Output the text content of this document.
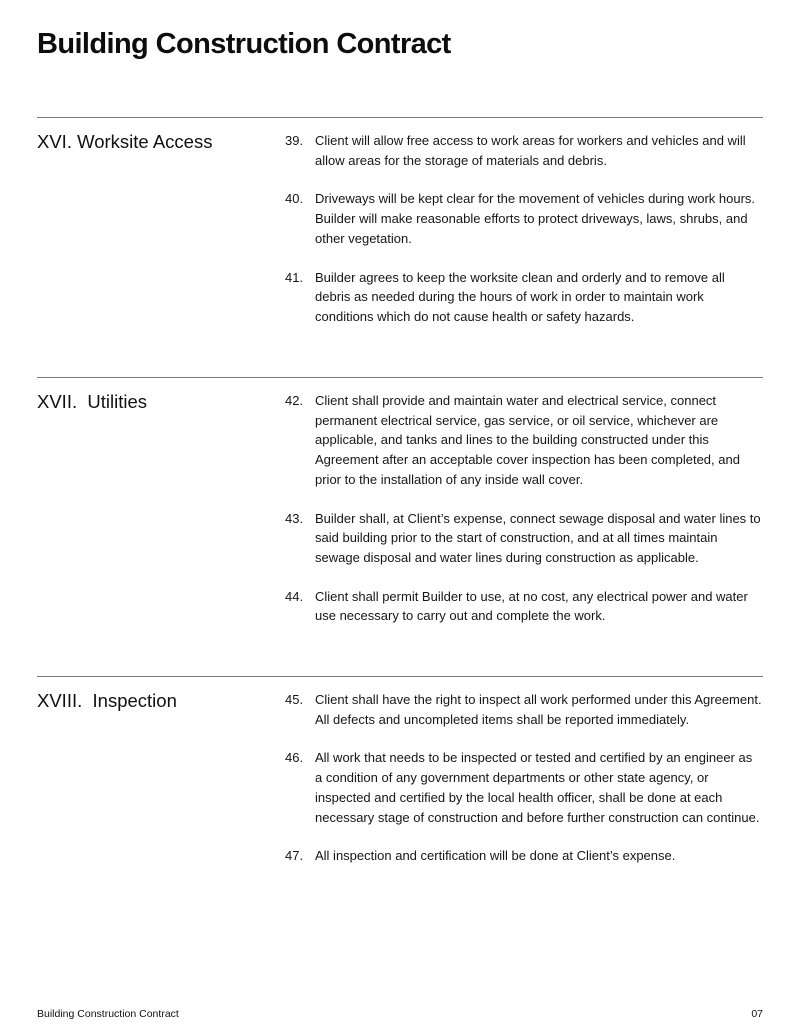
Building Construction Contract
XVI. Worksite Access	39. Client will allow free access to work areas for workers and vehicles and will allow areas for the storage of materials and debris.
40. Driveways will be kept clear for the movement of vehicles during work hours. Builder will make reasonable efforts to protect driveways, laws, shrubs, and other vegetation.
41. Builder agrees to keep the worksite clean and orderly and to remove all debris as needed during the hours of work in order to maintain work conditions which do not cause health or safety hazards.
XVII.  Utilities	42. Client shall provide and maintain water and electrical service, connect permanent electrical service, gas service, or oil service, whichever are applicable, and tanks and lines to the building constructed under this Agreement after an acceptable cover inspection has been completed, and prior to the installation of any inside wall cover.
43. Builder shall, at Client’s expense, connect sewage disposal and water lines to said building prior to the start of construction, and at all times maintain sewage disposal and water lines during construction as applicable.
44. Client shall permit Builder to use, at no cost, any electrical power and water use necessary to carry out and complete the work.
XVIII.  Inspection	45. Client shall have the right to inspect all work performed under this Agreement. All defects and uncompleted items shall be reported immediately.
46. All work that needs to be inspected or tested and certified by an engineer as a condition of any government departments or other state agency, or inspected and certified by the local health officer, shall be done at each necessary stage of construction and before further construction can continue.
47. All inspection and certification will be done at Client’s expense.
Building Construction Contract	07
